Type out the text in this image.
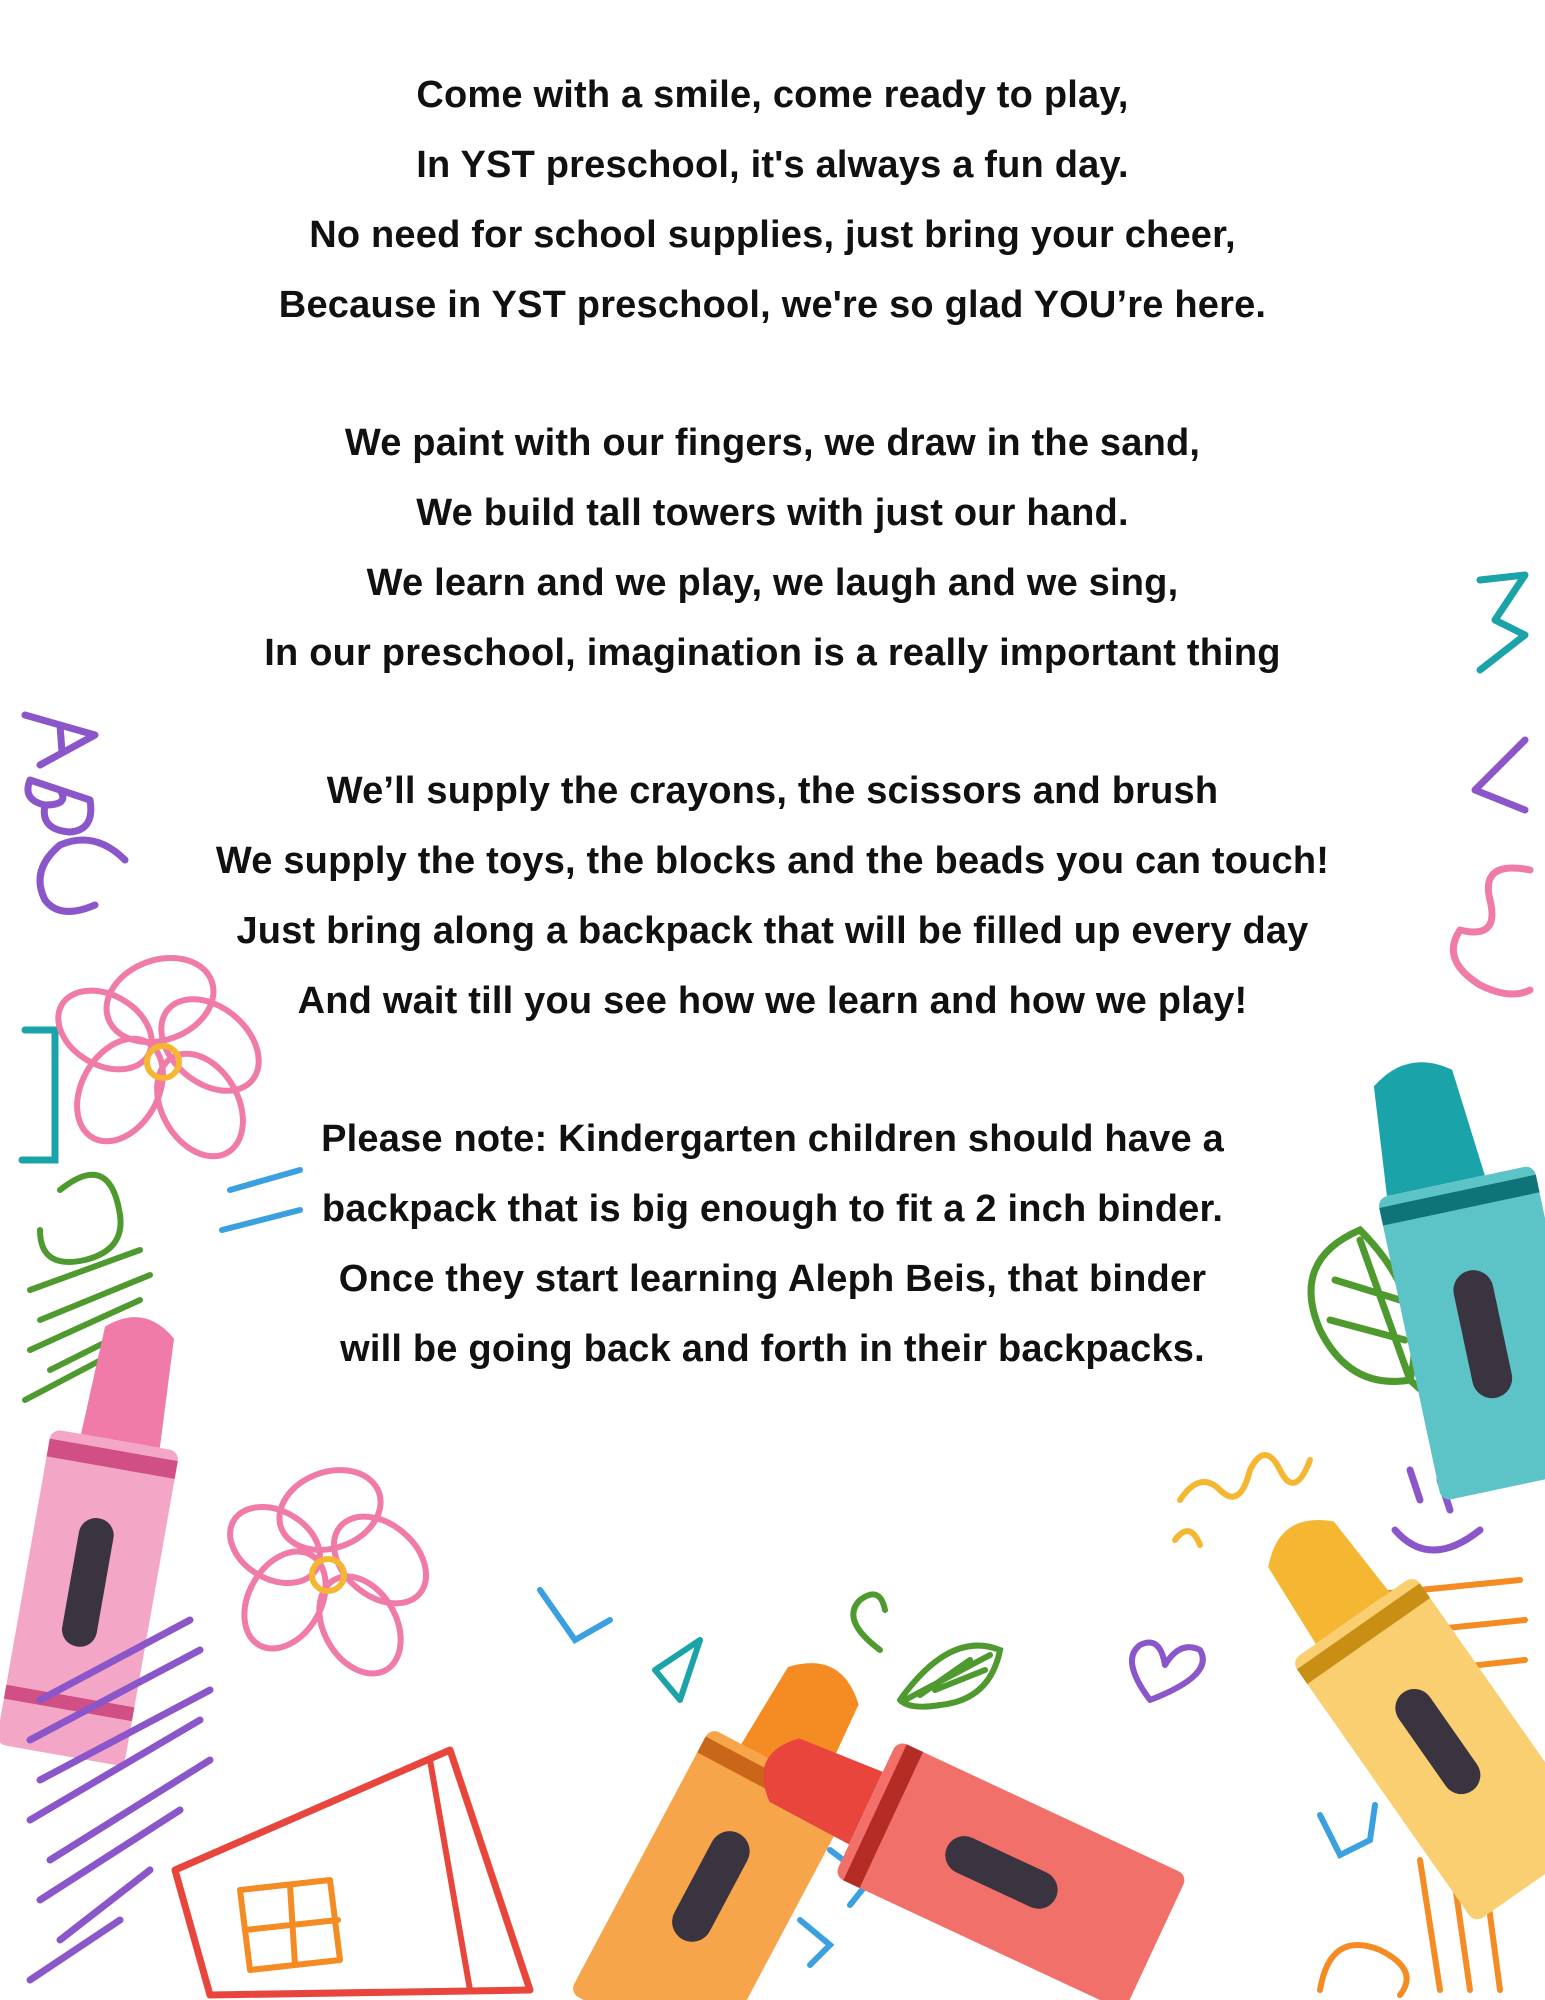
Come with a smile, come ready to play,
In YST preschool, it's always a fun day.
No need for school supplies, just bring your cheer,
Because in YST preschool, we're so glad YOU’re here.
We paint with our fingers, we draw in the sand,
We build tall towers with just our hand.
We learn and we play, we laugh and we sing,
In our preschool, imagination is a really important thing
We’ll supply the crayons, the scissors and brush
We supply the toys, the blocks and the beads you can touch!
Just bring along a backpack that will be filled up every day
And wait till you see how we learn and how we play!
Please note: Kindergarten children should have a
backpack that is big enough to fit a 2 inch binder.
Once they start learning Aleph Beis, that binder
will be going back and forth in their backpacks.
